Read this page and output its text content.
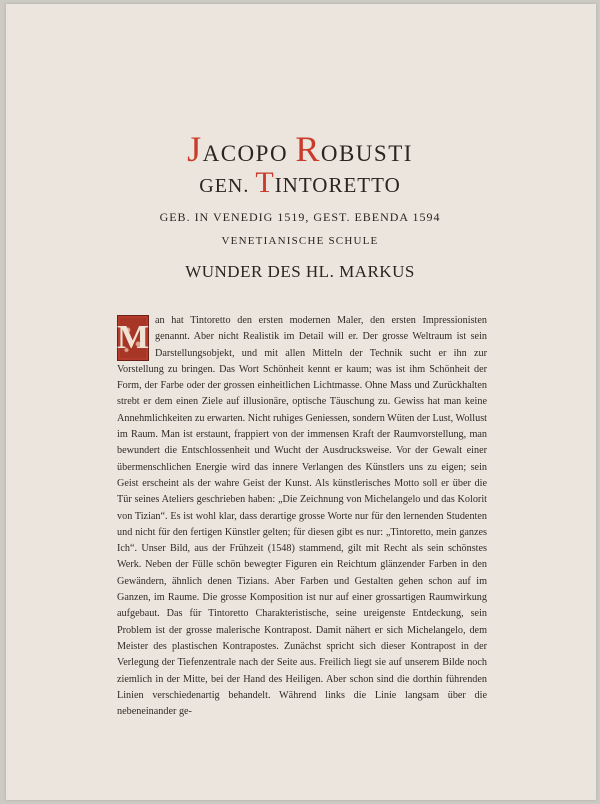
JACOPO ROBUSTI
GEN. TINTORETTO
GEB. IN VENEDIG 1519, GEST. EBENDA 1594
VENETIANISCHE SCHULE
WUNDER DES HL. MARKUS
M an hat Tintoretto den ersten modernen Maler, den ersten Impressionisten genannt. Aber nicht Realistik im Detail will er. Der grosse Weltraum ist sein Darstellungsobjekt, und mit allen Mitteln der Technik sucht er ihn zur Vorstellung zu bringen. Das Wort Schönheit kennt er kaum; was ist ihm Schönheit der Form, der Farbe oder der grossen einheitlichen Lichtmasse. Ohne Mass und Zurückhalten strebt er dem einen Ziele auf illusionäre, optische Täuschung zu. Gewiss hat man keine Annehmlichkeiten zu erwarten. Nicht ruhiges Geniessen, sondern Wüten der Lust, Wollust im Raum. Man ist erstaunt, frappiert von der immensen Kraft der Raumvorstellung, man bewundert die Entschlossenheit und Wucht der Ausdrucksweise. Vor der Gewalt einer übermenschlichen Energie wird das innere Verlangen des Künstlers uns zu eigen; sein Geist erscheint als der wahre Geist der Kunst. Als künstlerisches Motto soll er über die Tür seines Ateliers geschrieben haben: „Die Zeichnung von Michelangelo und das Kolorit von Tizian“. Es ist wohl klar, dass derartige grosse Worte nur für den lernenden Studenten und nicht für den fertigen Künstler gelten; für diesen gibt es nur: „Tintoretto, mein ganzes Ich“. Unser Bild, aus der Frühzeit (1548) stammend, gilt mit Recht als sein schönstes Werk. Neben der Fülle schön bewegter Figuren ein Reichtum glänzender Farben in den Gewändern, ähnlich denen Tizians. Aber Farben und Gestalten gehen schon auf im Ganzen, im Raume. Die grosse Komposition ist nur auf einer grossartigen Raumwirkung aufgebaut. Das für Tintoretto Charakteristische, seine ureigenste Entdeckung, sein Problem ist der grosse malerische Kontrapost. Damit nähert er sich Michelangelo, dem Meister des plastischen Kontrapostes. Zunächst spricht sich dieser Kontrapost in der Verlegung der Tiefenzentrale nach der Seite aus. Freilich liegt sie auf unserem Bilde noch ziemlich in der Mitte, bei der Hand des Heiligen. Aber schon sind die dorthin führenden Linien verschiedenartig behandelt. Während links die Linie langsam über die nebeneinander ge-
